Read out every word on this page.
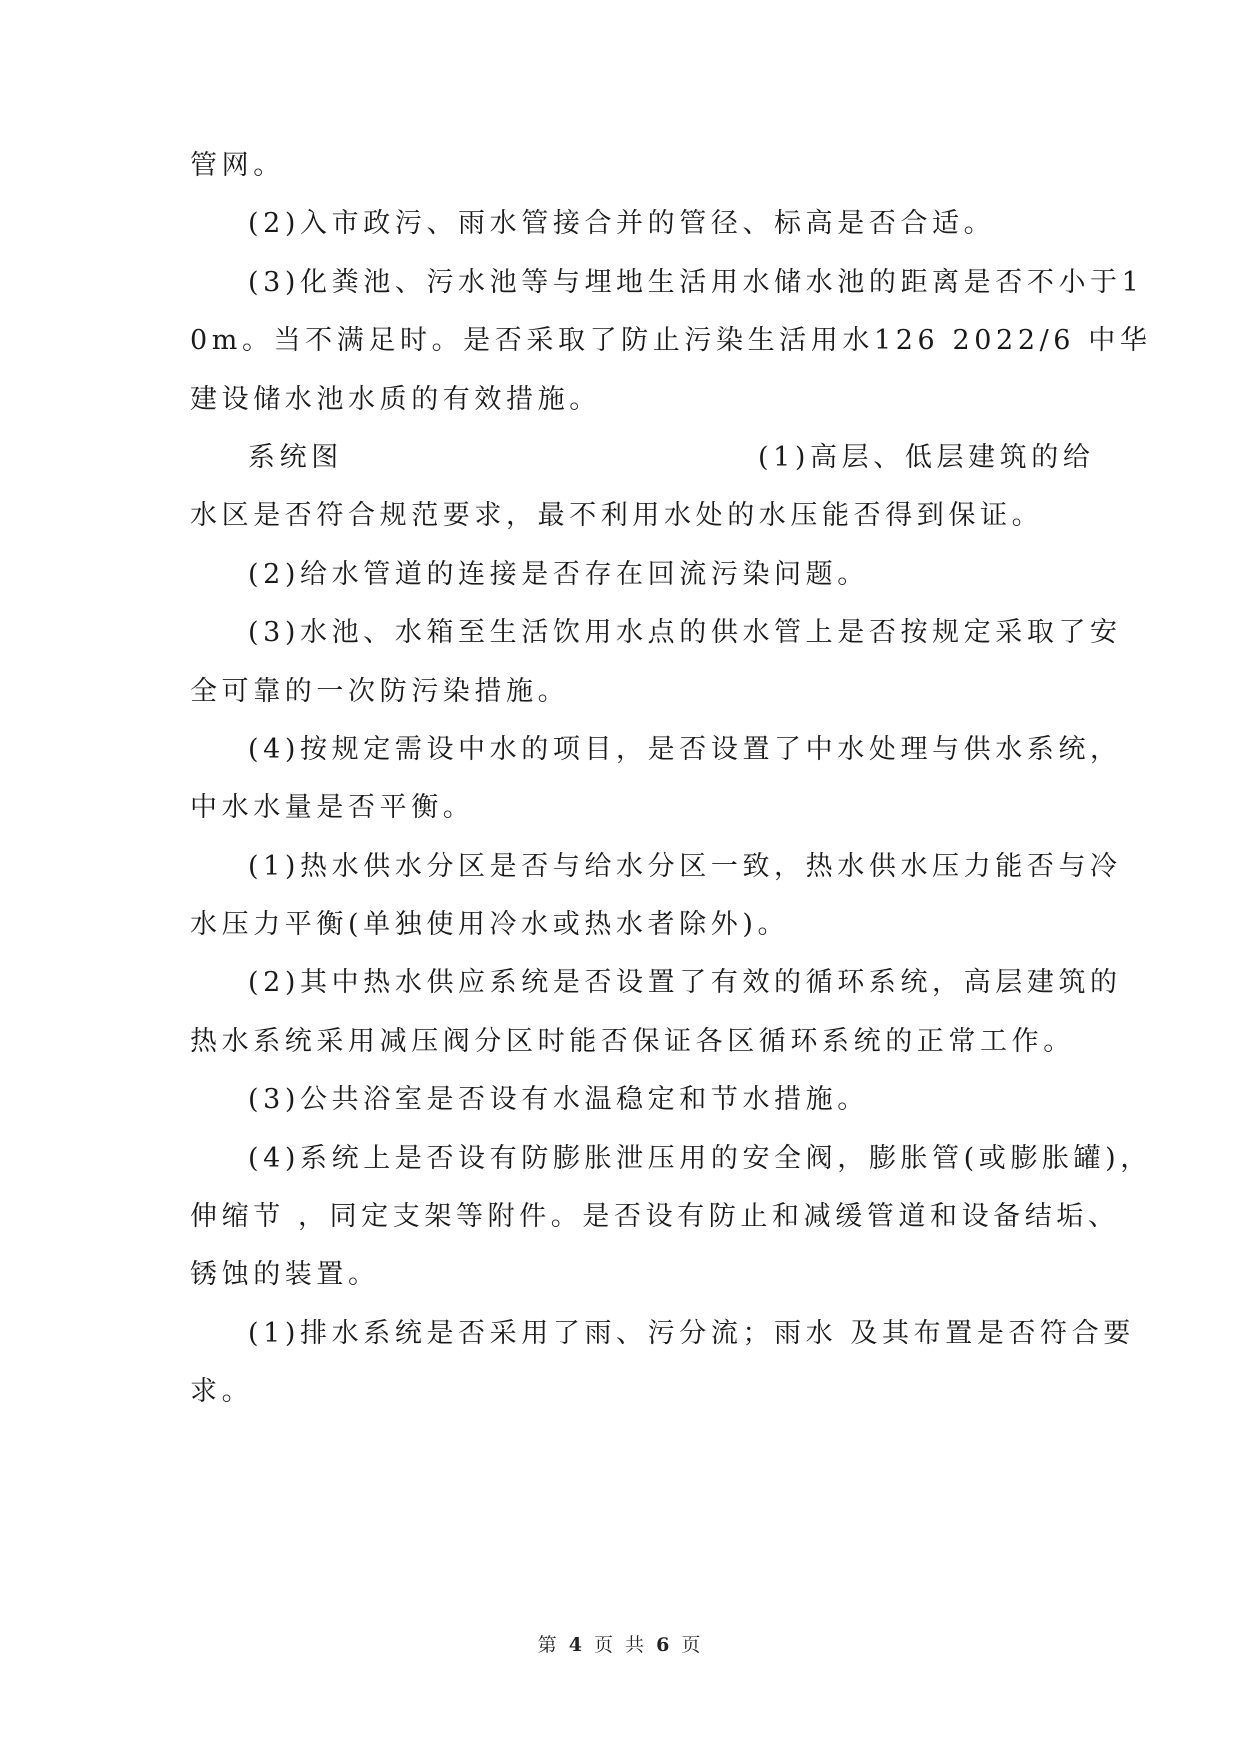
管网。
(2)入市政污、雨水管接合并的管径、标高是否合适。
(3)化粪池、污水池等与埋地生活用水储水池的距离是否不小于1
0m。当不满足时。是否采取了防止污染生活用水126 2022/6 中华
建设储水池水质的有效措施。
系统图	(1)高层、低层建筑的给
水区是否符合规范要求，最不利用水处的水压能否得到保证。
(2)给水管道的连接是否存在回流污染问题。
(3)水池、水箱至生活饮用水点的供水管上是否按规定采取了安
全可靠的一次防污染措施。
(4)按规定需设中水的项目，是否设置了中水处理与供水系统，
中水水量是否平衡。
(1)热水供水分区是否与给水分区一致，热水供水压力能否与冷
水压力平衡(单独使用冷水或热水者除外)。
(2)其中热水供应系统是否设置了有效的循环系统，高层建筑的
热水系统采用减压阀分区时能否保证各区循环系统的正常工作。
(3)公共浴室是否设有水温稳定和节水措施。
(4)系统上是否设有防膨胀泄压用的安全阀，膨胀管(或膨胀罐)，
伸缩节 ，同定支架等附件。是否设有防止和减缓管道和设备结垢、
锈蚀的装置。
(1)排水系统是否采用了雨、污分流；雨水 及其布置是否符合要
求。
第 4 页 共 6 页
